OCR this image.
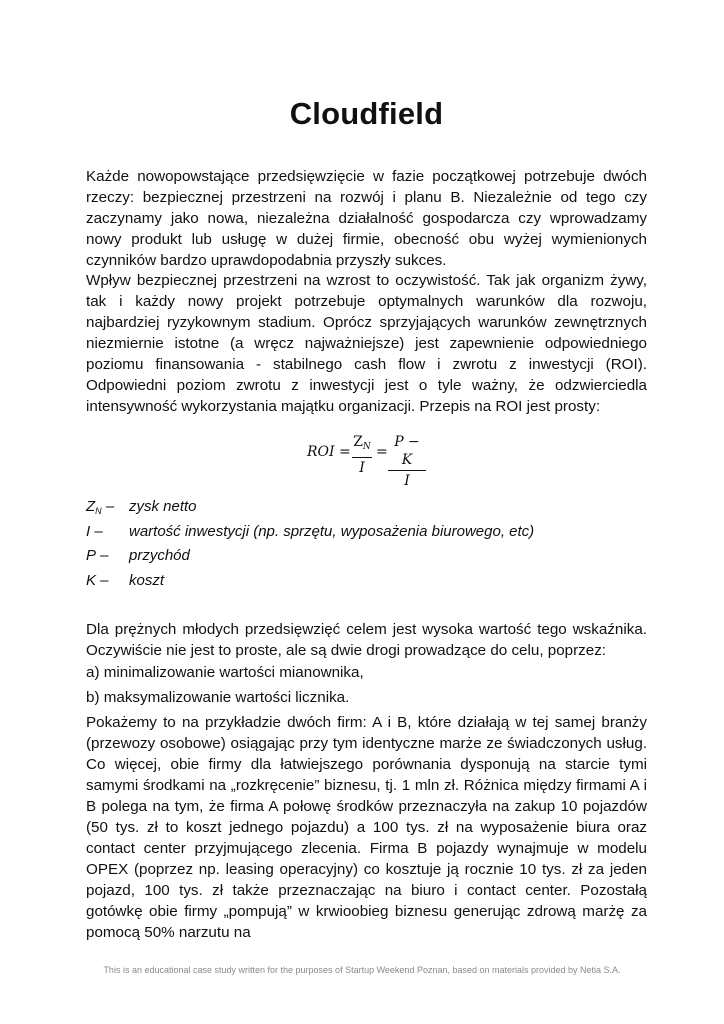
Cloudfield

Każde nowopowstające przedsięwzięcie w fazie początkowej potrzebuje dwóch rzeczy: bezpiecznej przestrzeni na rozwój i planu B. Niezależnie od tego czy zaczynamy jako nowa, niezależna działalność gospodarcza czy wprowadzamy nowy produkt lub usługę w dużej firmie, obecność obu wyżej wymienionych czynników bardzo uprawdopodabnia przyszły sukces.

Wpływ bezpiecznej przestrzeni na wzrost to oczywistość. Tak jak organizm żywy, tak i każdy nowy projekt potrzebuje optymalnych warunków dla rozwoju, najbardziej ryzykownym stadium. Oprócz sprzyjających warunków zewnętrznych niezmiernie istotne (a wręcz najważniejsze) jest zapewnienie odpowiedniego poziomu finansowania - stabilnego cash flow i zwrotu z inwestycji (ROI). Odpowiedni poziom zwrotu z inwestycji jest o tyle ważny, że odzwierciedla intensywność wykorzystania majątku organizacji. Przepis na ROI jest prosty:

ROI =
$Z_N$
I
=
P − K
I
$Z_N$ – zysk netto
I – wartość inwestycji (np. sprzętu, wyposażenia biurowego, etc)
P – przychód
K – koszt

Dla prężnych młodych przedsięwzięć celem jest wysoka wartość tego wskaźnika. Oczywiście nie jest to proste, ale są dwie drogi prowadzące do celu, poprzez:

a) minimalizowanie wartości mianownika,

b) maksymalizowanie wartości licznika.

Pokażemy to na przykładzie dwóch firm: A i B, które działają w tej samej branży (przewozy osobowe) osiągając przy tym identyczne marże ze świadczonych usług. Co więcej, obie firmy dla łatwiejszego porównania dysponują na starcie tymi samymi środkami na „rozkręcenie” biznesu, tj. 1 mln zł. Różnica między firmami A i B polega na tym, że firma A połowę środków przeznaczyła na zakup 10 pojazdów (50 tys. zł to koszt jednego pojazdu) a 100 tys. zł na wyposażenie biura oraz contact center przyjmującego zlecenia. Firma B pojazdy wynajmuje w modelu OPEX (poprzez np. leasing operacyjny) co kosztuje ją rocznie 10 tys. zł za jeden pojazd, 100 tys. zł także przeznaczając na biuro i contact center. Pozostałą gotówkę obie firmy „pompują” w krwioobieg biznesu generując zdrową marżę za pomocą 50% narzutu na

This is an educational case study written for the purposes of Startup Weekend Poznan, based on materials provided by Netia S.A.
